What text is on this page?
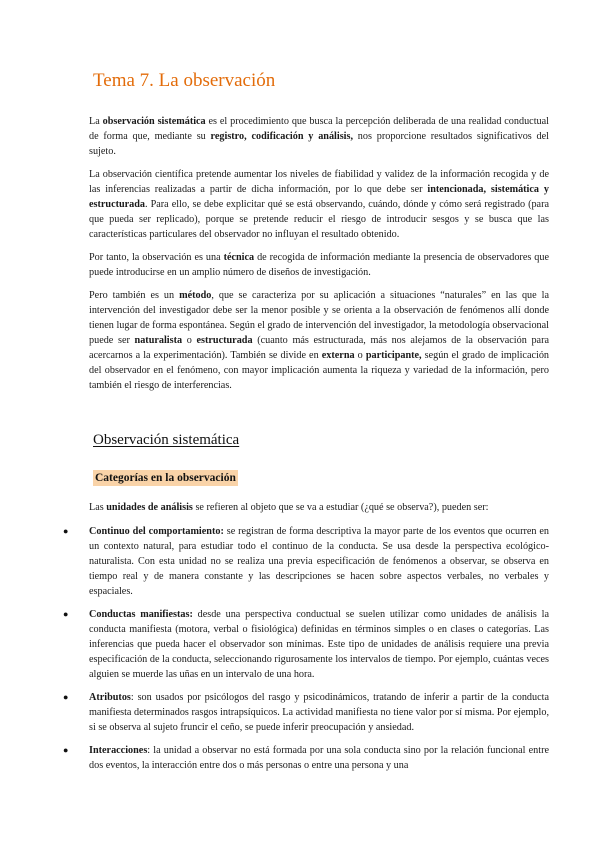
Tema 7. La observación

La observación sistemática es el procedimiento que busca la percepción deliberada de una realidad conductual de forma que, mediante su registro, codificación y análisis, nos proporcione resultados significativos del sujeto.

La observación científica pretende aumentar los niveles de fiabilidad y validez de la información recogida y de las inferencias realizadas a partir de dicha información, por lo que debe ser intencionada, sistemática y estructurada. Para ello, se debe explicitar qué se está observando, cuándo, dónde y cómo será registrado (para que pueda ser replicado), porque se pretende reducir el riesgo de introducir sesgos y se busca que las características particulares del observador no influyan el resultado obtenido.

Por tanto, la observación es una técnica de recogida de información mediante la presencia de observadores que puede introducirse en un amplio número de diseños de investigación.

Pero también es un método, que se caracteriza por su aplicación a situaciones “naturales” en las que la intervención del investigador debe ser la menor posible y se orienta a la observación de fenómenos allí donde tienen lugar de forma espontánea. Según el grado de intervención del investigador, la metodología observacional puede ser naturalista o estructurada (cuanto más estructurada, más nos alejamos de la observación para acercarnos a la experimentación). También se divide en externa o participante, según el grado de implicación del observador en el fenómeno, con mayor implicación aumenta la riqueza y variedad de la información, pero también el riesgo de interferencias.

Observación sistemática
Categorías en la observación

Las unidades de análisis se refieren al objeto que se va a estudiar (¿qué se observa?), pueden ser:

● Continuo del comportamiento: se registran de forma descriptiva la mayor parte de los eventos que ocurren en un contexto natural, para estudiar todo el continuo de la conducta. Se usa desde la perspectiva ecológico-naturalista. Con esta unidad no se realiza una previa especificación de fenómenos a observar, se observa en tiempo real y de manera constante y las descripciones se hacen sobre aspectos verbales, no verbales y espaciales.

● Conductas manifiestas: desde una perspectiva conductual se suelen utilizar como unidades de análisis la conducta manifiesta (motora, verbal o fisiológica) definidas en términos simples o en clases o categorías. Las inferencias que pueda hacer el observador son mínimas. Este tipo de unidades de análisis requiere una previa especificación de la conducta, seleccionando rigurosamente los intervalos de tiempo. Por ejemplo, cuántas veces alguien se muerde las uñas en un intervalo de una hora.

● Atributos: son usados por psicólogos del rasgo y psicodinámicos, tratando de inferir a partir de la conducta manifiesta determinados rasgos intrapsíquicos. La actividad manifiesta no tiene valor por sí misma. Por ejemplo, si se observa al sujeto fruncir el ceño, se puede inferir preocupación y ansiedad.

● Interacciones: la unidad a observar no está formada por una sola conducta sino por la relación funcional entre dos eventos, la interacción entre dos o más personas o entre una persona y una
